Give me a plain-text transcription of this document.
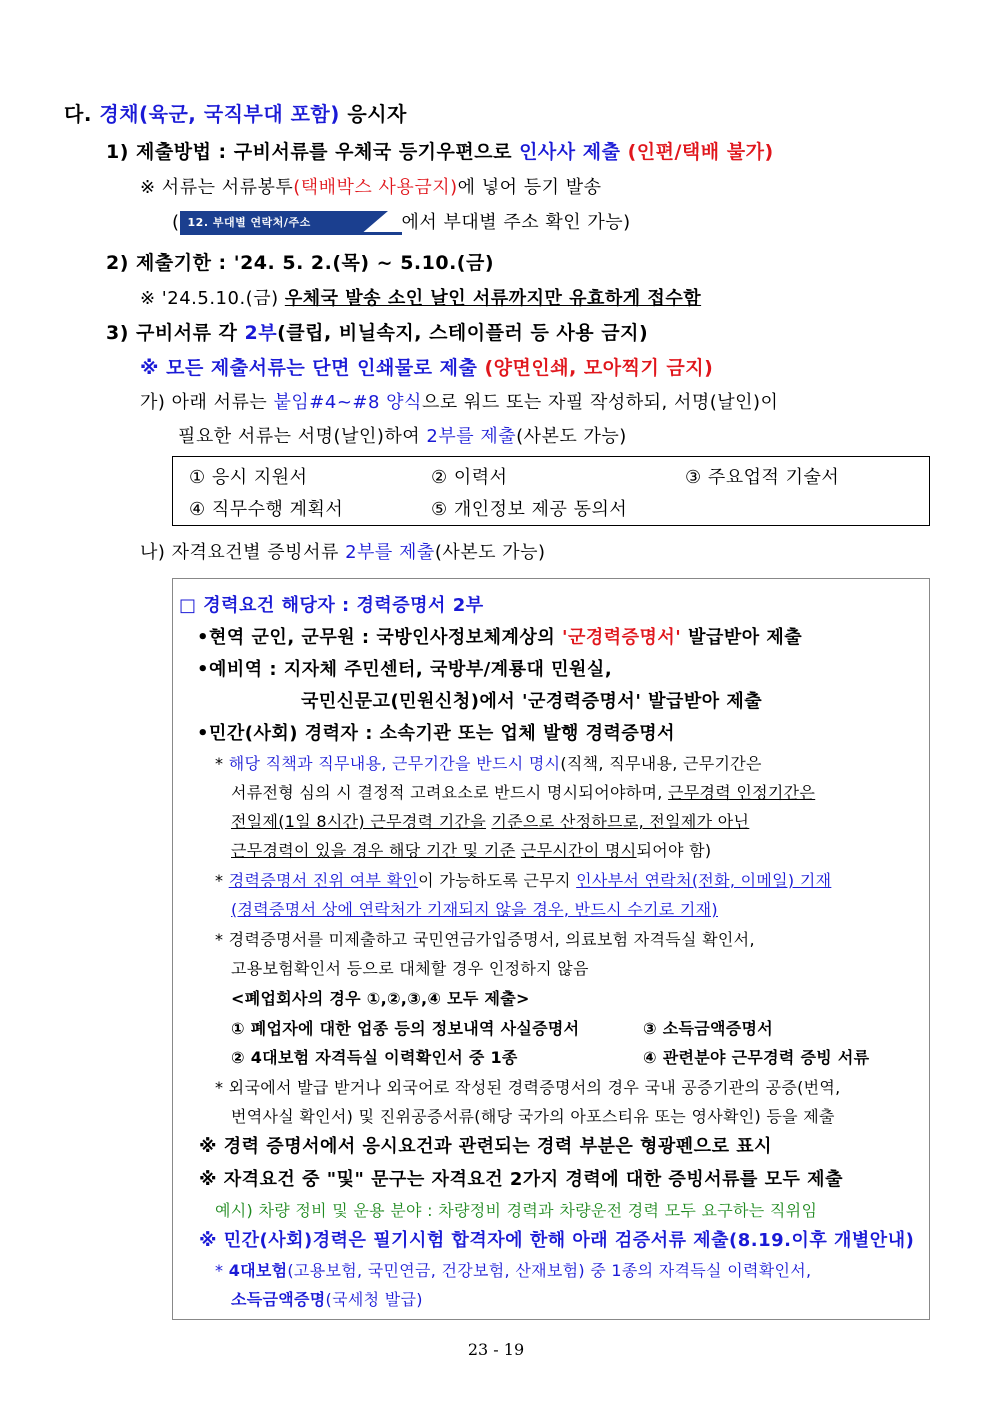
다. 경채(육군, 국직부대 포함) 응시자
1) 제출방법 : 구비서류를 우체국 등기우편으로 인사사 제출 (인편/택배 불가)
※ 서류는 서류봉투(택배박스 사용금지)에 넣어 등기 발송
( 12. 부대별 연락처/주소	에서 부대별 주소 확인 가능)
2) 제출기한 : '24. 5. 2.(목) ~ 5.10.(금)
※ '24.5.10.(금) 우체국 발송 소인 날인 서류까지만 유효하게 접수함
3) 구비서류 각 2부(클립, 비닐속지, 스테이플러 등 사용 금지)
※ 모든 제출서류는 단면 인쇄물로 제출 (양면인쇄, 모아찍기 금지)
가) 아래 서류는 붙임#4~#8 양식으로 워드 또는 자필 작성하되, 서명(날인)이
필요한 서류는 서명(날인)하여 2부를 제출(사본도 가능)
① 응시 지원서	② 이력서	③ 주요업적 기술서
④ 직무수행 계획서	⑤ 개인정보 제공 동의서
나) 자격요건별 증빙서류 2부를 제출(사본도 가능)
□ 경력요건 해당자 : 경력증명서 2부
•현역 군인, 군무원 : 국방인사정보체계상의 '군경력증명서' 발급받아 제출
•예비역 : 지자체 주민센터, 국방부/계룡대 민원실,
국민신문고(민원신청)에서 '군경력증명서' 발급받아 제출
•민간(사회) 경력자 : 소속기관 또는 업체 발행 경력증명서
* 해당 직책과 직무내용, 근무기간을 반드시 명시(직책, 직무내용, 근무기간은
서류전형 심의 시 결정적 고려요소로 반드시 명시되어야하며, 근무경력 인정기간은
전일제(1일 8시간) 근무경력 기간을 기준으로 산정하므로, 전일제가 아닌
근무경력이 있을 경우 해당 기간 및 기준 근무시간이 명시되어야 함)
* 경력증명서 진위 여부 확인이 가능하도록 근무지 인사부서 연락처(전화, 이메일) 기재
(경력증명서 상에 연락처가 기재되지 않을 경우, 반드시 수기로 기재)
* 경력증명서를 미제출하고 국민연금가입증명서, 의료보험 자격득실 확인서,
고용보험확인서 등으로 대체할 경우 인정하지 않음
<폐업회사의 경우 ①,②,③,④ 모두 제출>
① 폐업자에 대한 업종 등의 정보내역 사실증명서	③ 소득금액증명서
② 4대보험 자격득실 이력확인서 중 1종	④ 관련분야 근무경력 증빙 서류
* 외국에서 발급 받거나 외국어로 작성된 경력증명서의 경우 국내 공증기관의 공증(번역,
번역사실 확인서) 및 진위공증서류(해당 국가의 아포스티유 또는 영사확인) 등을 제출
※ 경력 증명서에서 응시요건과 관련되는 경력 부분은 형광펜으로 표시
※ 자격요건 중 "및" 문구는 자격요건 2가지 경력에 대한 증빙서류를 모두 제출
예시) 차량 정비 및 운용 분야 : 차량정비 경력과 차량운전 경력 모두 요구하는 직위임
※ 민간(사회)경력은 필기시험 합격자에 한해 아래 검증서류 제출(8.19.이후 개별안내)
* 4대보험(고용보험, 국민연금, 건강보험, 산재보험) 중 1종의 자격득실 이력확인서,
소득금액증명(국세청 발급)
23 - 19
